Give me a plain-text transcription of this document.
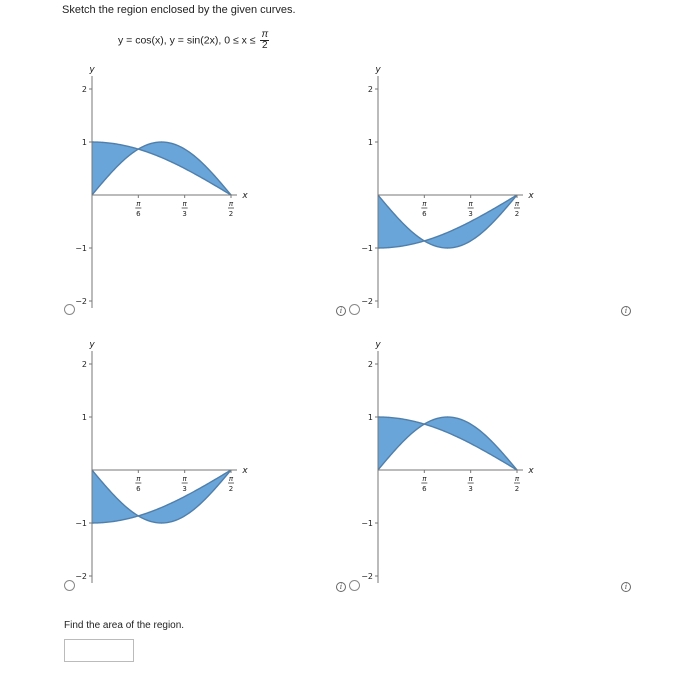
Sketch the region enclosed by the given curves.
y = cos(x), y = sin(2x), $0 \le x \le \frac{\pi}{2}$
y
x
2
1
−1
−2
π
6
π
3
π
2
y
x
2
1
−1
−2
π
6
π
3
π
2
y
x
2
1
−1
−2
π
6
π
3
π
2
y
x
2
1
−1
−2
π
6
π
3
π
2
i	i
i	i
Find the area of the region.
